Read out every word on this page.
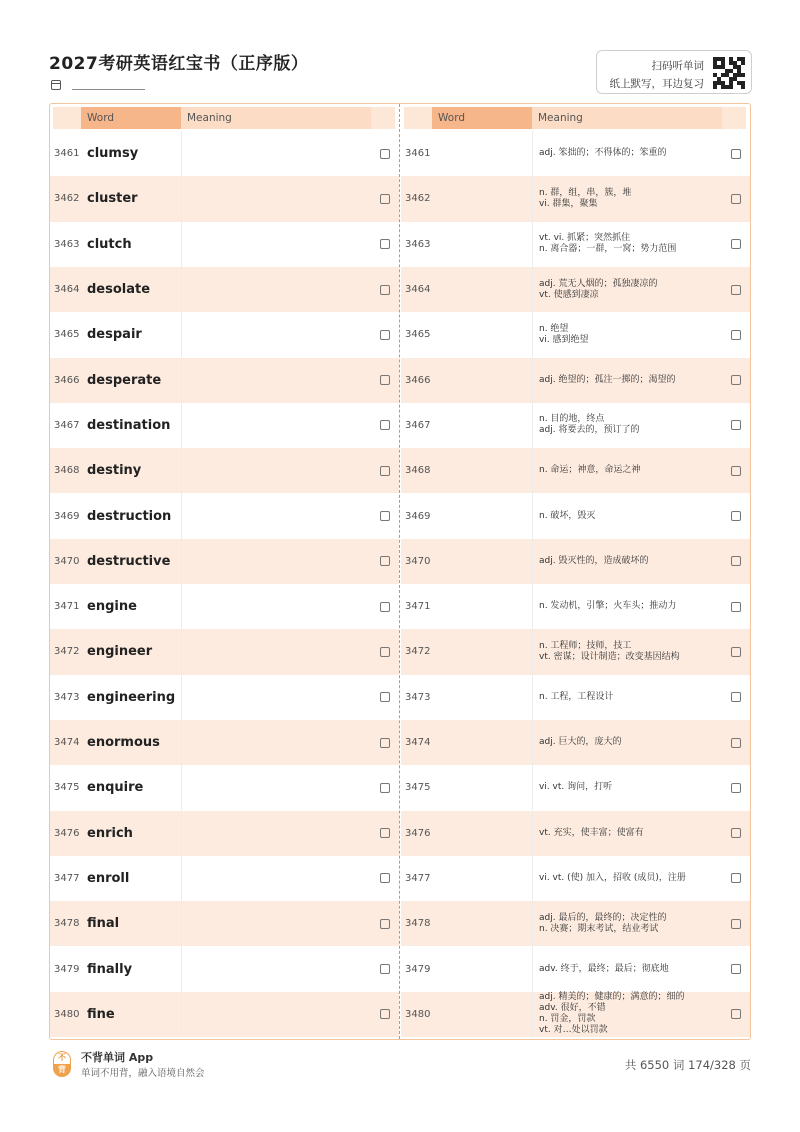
2027考研英语红宝书（正序版）	扫码听单词
纸上默写，耳边复习
Word	Meaning
3461 clumsy
3462 cluster
3463 clutch
3464 desolate
3465 despair
3466 desperate
3467 destination
3468 destiny
3469 destruction
3470 destructive
3471 engine
3472 engineer
3473 engineering
3474 enormous
3475 enquire
3476 enrich
3477 enroll
3478 final
3479 finally
3480 fine
Word	Meaning
3461	adj. 笨拙的；不得体的；笨重的
3462
n. 群，组，串，簇，堆
vi. 群集，聚集
3463
vt. vi. 抓紧；突然抓住
n. 离合器；一群，一窝；势力范围
3464
adj. 荒无人烟的；孤独凄凉的
vt. 使感到凄凉
3465
n. 绝望
vi. 感到绝望
3466	adj. 绝望的；孤注一掷的；渴望的
3467
n. 目的地，终点
adj. 将要去的，预订了的
3468	n. 命运；神意，命运之神
3469	n. 破坏，毁灭
3470	adj. 毁灭性的，造成破坏的
3471	n. 发动机，引擎；火车头；推动力
3472
n. 工程师；技师，技工
vt. 密谋；设计制造；改变基因结构
3473	n. 工程，工程设计
3474	adj. 巨大的，庞大的
3475	vi. vt. 询问，打听
3476	vt. 充实，使丰富；使富有
3477	vi. vt. (使) 加入，招收 (成员)，注册
3478
adj. 最后的，最终的；决定性的
n. 决赛；期末考试，结业考试
3479	adv. 终于，最终；最后；彻底地
3480
adj. 精美的；健康的；满意的；细的
adv. 很好，不错
n. 罚金，罚款
vt. 对…处以罚款
不
背
不背单词 App
单词不用背，融入语境自然会
共 6550 词 174/328 页
